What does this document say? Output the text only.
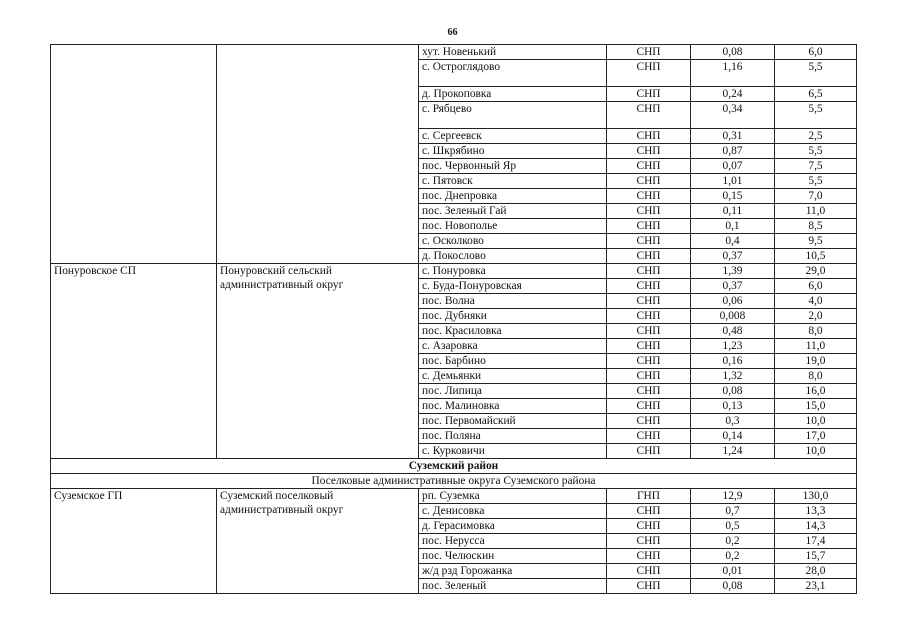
66
		хут. Новенький	СНП	0,08	6,0
		с. Остроглядово	СНП	1,16	5,5
		д. Прокоповка	СНП	0,24	6,5
		с. Рябцево	СНП	0,34	5,5
		с. Сергеевск	СНП	0,31	2,5
		с. Шкрябино	СНП	0,87	5,5
		пос. Червонный Яр	СНП	0,07	7,5
		с. Пятовск	СНП	1,01	5,5
		пос. Днепровка	СНП	0,15	7,0
		пос. Зеленый Гай	СНП	0,11	11,0
		пос. Новополье	СНП	0,1	8,5
		с. Осколково	СНП	0,4	9,5
		д. Покослово	СНП	0,37	10,5
Понуровское СП	Понуровский сельский административный округ	с. Понуровка	СНП	1,39	29,0
		с. Буда-Понуровская	СНП	0,37	6,0
		пос. Волна	СНП	0,06	4,0
		пос. Дубняки	СНП	0,008	2,0
		пос. Красиловка	СНП	0,48	8,0
		с. Азаровка	СНП	1,23	11,0
		пос. Барбино	СНП	0,16	19,0
		с. Демьянки	СНП	1,32	8,0
		пос. Липица	СНП	0,08	16,0
		пос. Малиновка	СНП	0,13	15,0
		пос. Первомайский	СНП	0,3	10,0
		пос. Поляна	СНП	0,14	17,0
		с. Курковичи	СНП	1,24	10,0
Суземский район					
Поселковые административные округа Суземского района					
Суземское ГП	Суземский поселковый административный округ	рп. Суземка	ГНП	12,9	130,0
		с. Денисовка	СНП	0,7	13,3
		д. Герасимовка	СНП	0,5	14,3
		пос. Нерусса	СНП	0,2	17,4
		пос. Челюскин	СНП	0,2	15,7
		ж/д рзд Горожанка	СНП	0,01	28,0
		пос. Зеленый	СНП	0,08	23,1
